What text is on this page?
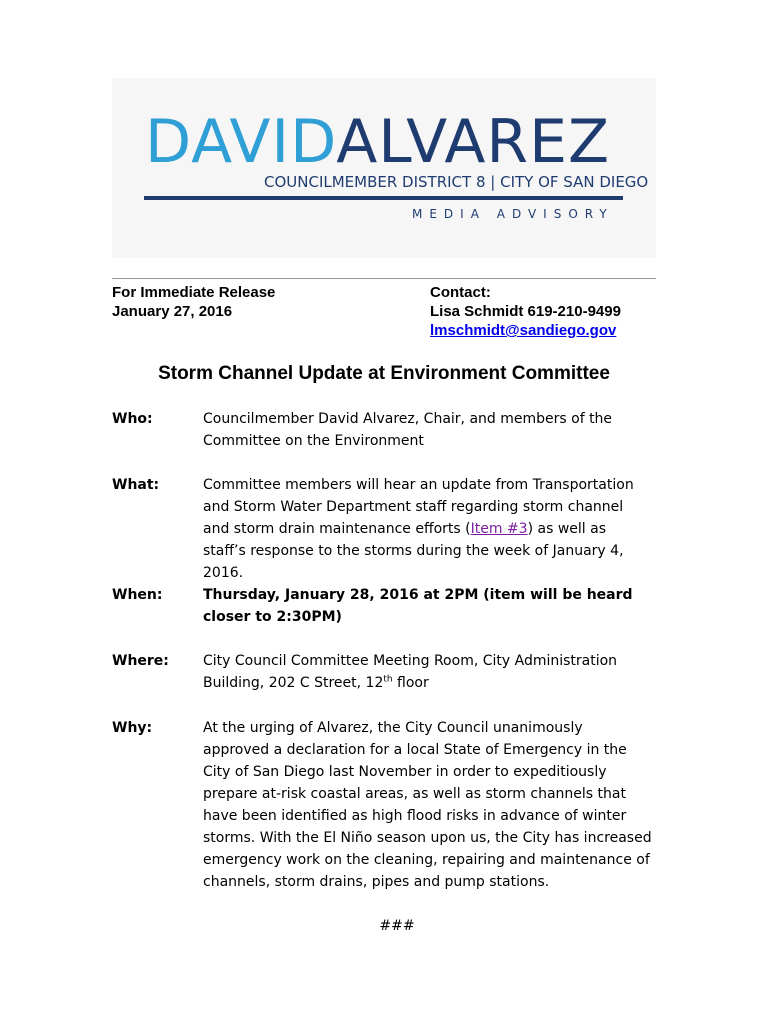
DAVIDALVAREZ
COUNCILMEMBER DISTRICT 8 | CITY OF SAN DIEGO
MEDIA ADVISORY
For Immediate Release
January 27, 2016
Contact:
Lisa Schmidt 619-210-9499
lmschmidt@sandiego.gov
Storm Channel Update at Environment Committee
Who:	Councilmember David Alvarez, Chair, and members of the Committee on the Environment
What:	Committee members will hear an update from Transportation and Storm Water Department staff regarding storm channel and storm drain maintenance efforts (Item #3) as well as staff’s response to the storms during the week of January 4, 2016.
When:	Thursday, January 28, 2016 at 2PM (item will be heard closer to 2:30PM)
Where:	City Council Committee Meeting Room, City Administration Building, 202 C Street, 12th floor
Why:	At the urging of Alvarez, the City Council unanimously approved a declaration for a local State of Emergency in the City of San Diego last November in order to expeditiously prepare at-risk coastal areas, as well as storm channels that have been identified as high flood risks in advance of winter storms. With the El Niño season upon us, the City has increased emergency work on the cleaning, repairing and maintenance of channels, storm drains, pipes and pump stations.
###
